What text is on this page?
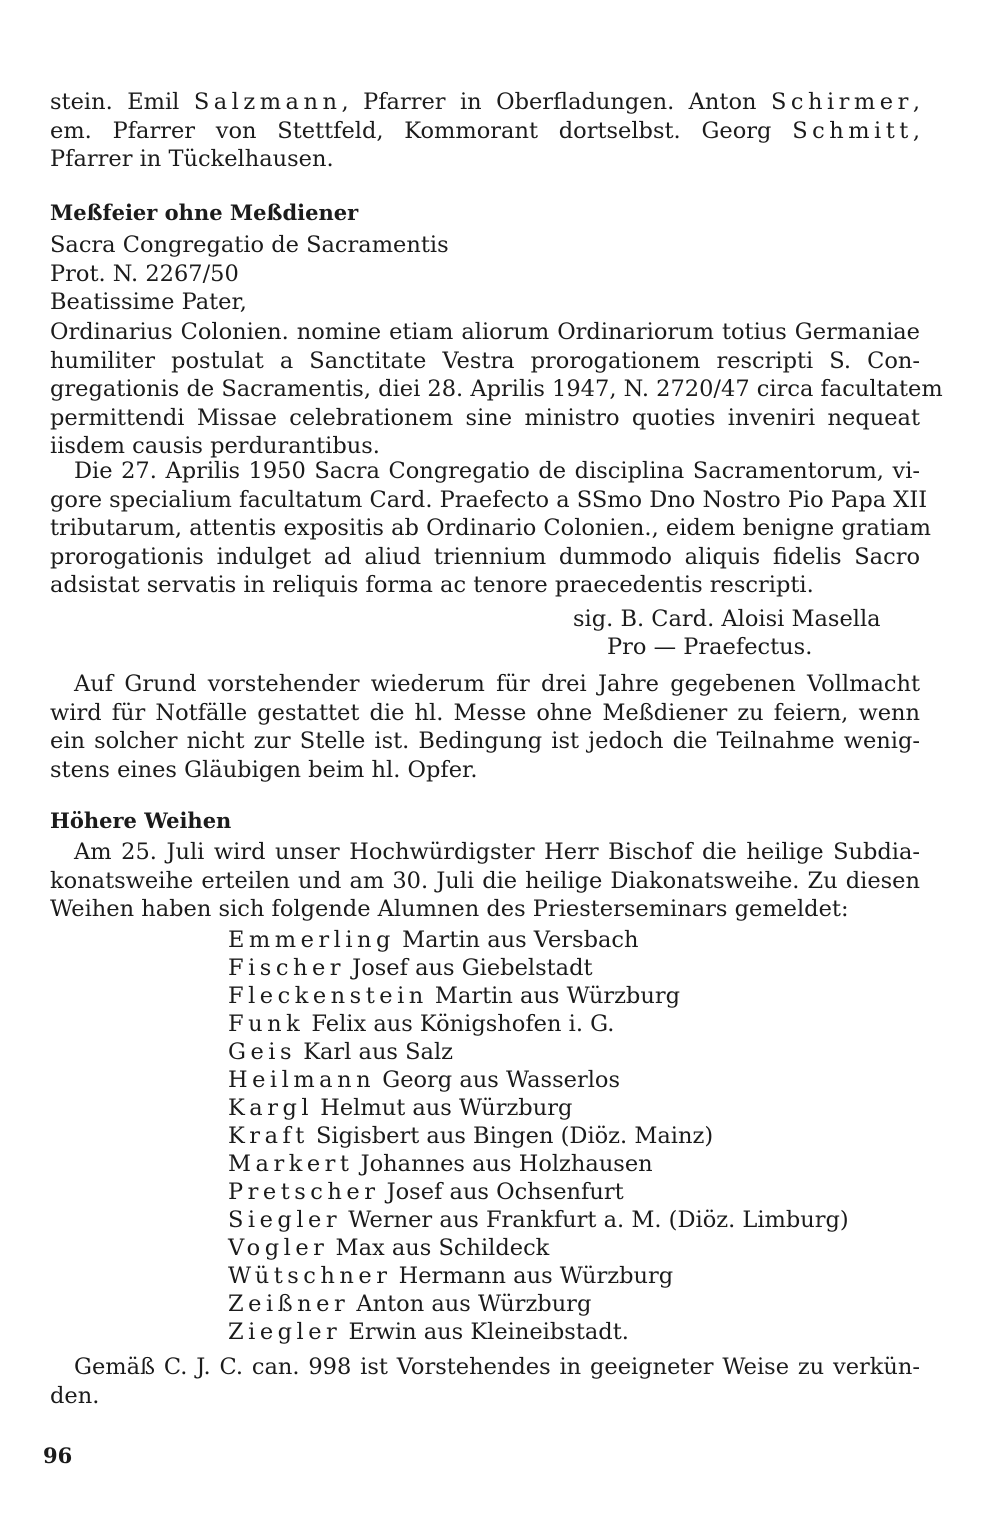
stein. Emil Salzmann, Pfarrer in Oberfladungen. Anton Schirmer,
em. Pfarrer von Stettfeld, Kommorant dortselbst. Georg Schmitt,
Pfarrer in Tückelhausen.
Meßfeier ohne Meßdiener
Sacra Congregatio de Sacramentis
Prot. N. 2267/50
Beatissime Pater,
Ordinarius Colonien. nomine etiam aliorum Ordinariorum totius Germaniae
humiliter postulat a Sanctitate Vestra prorogationem rescripti S. Con-
gregationis de Sacramentis, diei 28. Aprilis 1947, N. 2720/47 circa facultatem
permittendi Missae celebrationem sine ministro quoties inveniri nequeat
iisdem causis perdurantibus.
Die 27. Aprilis 1950 Sacra Congregatio de disciplina Sacramentorum, vi-
gore specialium facultatum Card. Praefecto a SSmo Dno Nostro Pio Papa XII
tributarum, attentis expositis ab Ordinario Colonien., eidem benigne gratiam
prorogationis indulget ad aliud triennium dummodo aliquis fidelis Sacro
adsistat servatis in reliquis forma ac tenore praecedentis rescripti.
sig. B. Card. Aloisi Masella
Pro — Praefectus.
Auf Grund vorstehender wiederum für drei Jahre gegebenen Vollmacht
wird für Notfälle gestattet die hl. Messe ohne Meßdiener zu feiern, wenn
ein solcher nicht zur Stelle ist. Bedingung ist jedoch die Teilnahme wenig-
stens eines Gläubigen beim hl. Opfer.
Höhere Weihen
Am 25. Juli wird unser Hochwürdigster Herr Bischof die heilige Subdia-
konatsweihe erteilen und am 30. Juli die heilige Diakonatsweihe. Zu diesen
Weihen haben sich folgende Alumnen des Priesterseminars gemeldet:
Emmerling Martin aus Versbach
Fischer Josef aus Giebelstadt
Fleckenstein Martin aus Würzburg
Funk Felix aus Königshofen i. G.
Geis Karl aus Salz
Heilmann Georg aus Wasserlos
Kargl Helmut aus Würzburg
Kraft Sigisbert aus Bingen (Diöz. Mainz)
Markert Johannes aus Holzhausen
Pretscher Josef aus Ochsenfurt
Siegler Werner aus Frankfurt a. M. (Diöz. Limburg)
Vogler Max aus Schildeck
Wütschner Hermann aus Würzburg
Zeißner Anton aus Würzburg
Ziegler Erwin aus Kleineibstadt.
Gemäß C. J. C. can. 998 ist Vorstehendes in geeigneter Weise zu verkün-
den.
96
